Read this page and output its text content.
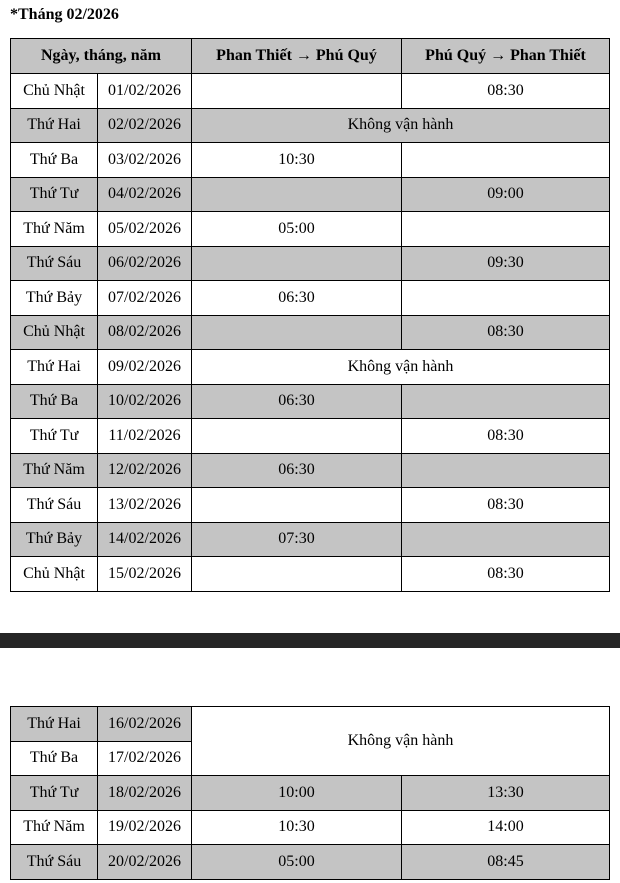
*Tháng 02/2026
Ngày, tháng, năm		Phan Thiết → Phú Quý	Phú Quý → Phan Thiết
Chủ Nhật	01/02/2026		08:30
Thứ Hai	02/02/2026	Không vận hành	
Thứ Ba	03/02/2026	10:30	
Thứ Tư	04/02/2026		09:00
Thứ Năm	05/02/2026	05:00	
Thứ Sáu	06/02/2026		09:30
Thứ Bảy	07/02/2026	06:30	
Chủ Nhật	08/02/2026		08:30
Thứ Hai	09/02/2026	Không vận hành	
Thứ Ba	10/02/2026	06:30	
Thứ Tư	11/02/2026		08:30
Thứ Năm	12/02/2026	06:30	
Thứ Sáu	13/02/2026		08:30
Thứ Bảy	14/02/2026	07:30	
Chủ Nhật	15/02/2026		08:30
Thứ Hai	16/02/2026	Không vận hành	
Thứ Ba	17/02/2026		
Thứ Tư	18/02/2026	10:00	13:30
Thứ Năm	19/02/2026	10:30	14:00
Thứ Sáu	20/02/2026	05:00	08:45
